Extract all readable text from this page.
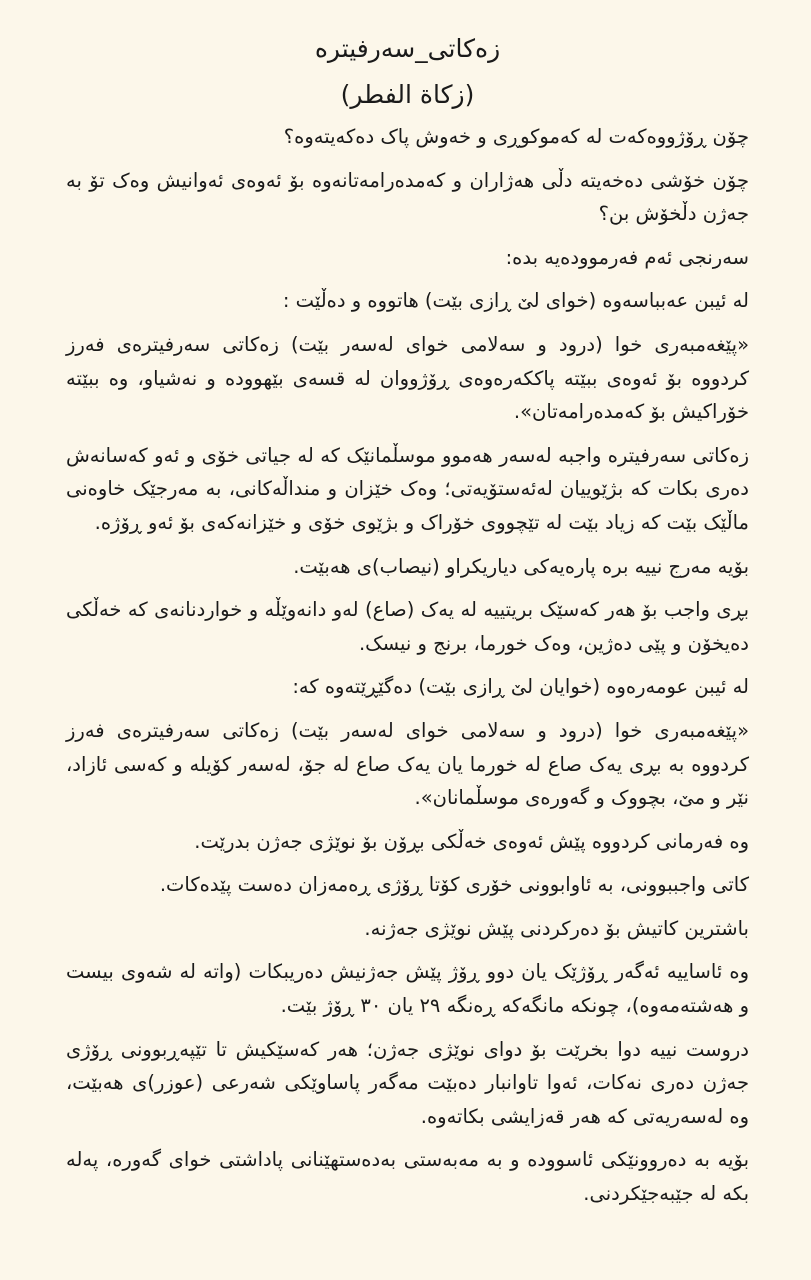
زەکاتی_سەرفیترە
(زكاة الفطر)

چۆن ڕۆژووەکەت لە کەموکوڕی و خەوش پاک دەکەیتەوە؟

چۆن خۆشی دەخەیتە دڵی هەژاران و کەمدەرامەتانەوە بۆ ئەوەی ئەوانیش وەک تۆ بە جەژن دڵخۆش بن؟

سەرنجی ئەم فەرموودەیە بدە:

لە ئیبن عەبباسەوە (خوای لێ ڕازی بێت) هاتووە و دەڵێت :

«پێغەمبەری خوا (درود و سەلامی خوای لەسەر بێت) زەکاتی سەرفیترەی فەرز کردووە بۆ ئەوەی ببێتە پاککەرەوەی ڕۆژووان لە قسەی بێهوودە و نەشیاو، وە ببێتە خۆراکیش بۆ کەمدەرامەتان».

زەکاتی سەرفیترە واجبە لەسەر هەموو موسڵمانێک کە لە جیاتی خۆی و ئەو کەسانەش دەری بکات کە بژێوییان لەئەستۆیەتی؛ وەک خێزان و منداڵەکانی، بە مەرجێک خاوەنی ماڵێک بێت کە زیاد بێت لە تێچووی خۆراک و بژێوی خۆی و خێزانەکەی بۆ ئەو ڕۆژە.

بۆیە مەرج نییە برە پارەیەکی دیاریکراو (نیصاب)ی هەبێت.

بڕی واجب بۆ هەر کەسێک بریتییە لە یەک (صاع) لەو دانەوێڵە و خواردنانەی کە خەڵکی دەیخۆن و پێی دەژین، وەک خورما، برنج و نیسک.

لە ئیبن عومەرەوە (خوایان لێ ڕازی بێت) دەگێڕێتەوە کە:

«پێغەمبەری خوا (درود و سەلامی خوای لەسەر بێت) زەکاتی سەرفیترەی فەرز کردووە بە بڕی یەک صاع لە خورما یان یەک صاع لە جۆ، لەسەر کۆیلە و کەسی ئازاد، نێر و مێ، بچووک و گەورەی موسڵمانان».

وە فەرمانی کردووە پێش ئەوەی خەڵکی بڕۆن بۆ نوێژی جەژن بدرێت.

کاتی واجببوونی، بە ئاوابوونی خۆری کۆتا ڕۆژی ڕەمەزان دەست پێدەکات.

باشترین کاتیش بۆ دەرکردنی پێش نوێژی جەژنە.

وە ئاساییە ئەگەر ڕۆژێک یان دوو ڕۆژ پێش جەژنیش دەریبکات (واتە لە شەوی بیست و هەشتەمەوە)، چونکە مانگەکە ڕەنگە ٢٩ یان ٣٠ ڕۆژ بێت.

دروست نییە دوا بخرێت بۆ دوای نوێژی جەژن؛ هەر کەسێکیش تا تێپەڕبوونی ڕۆژی جەژن دەری نەکات، ئەوا تاوانبار دەبێت مەگەر پاساوێکی شەرعی (عوزر)ی هەبێت، وە لەسەریەتی کە هەر قەزایشی بکاتەوە.

بۆیە بە دەروونێکی ئاسوودە و بە مەبەستی بەدەستهێنانی پاداشتی خوای گەورە، پەلە بکە لە جێبەجێکردنی.
